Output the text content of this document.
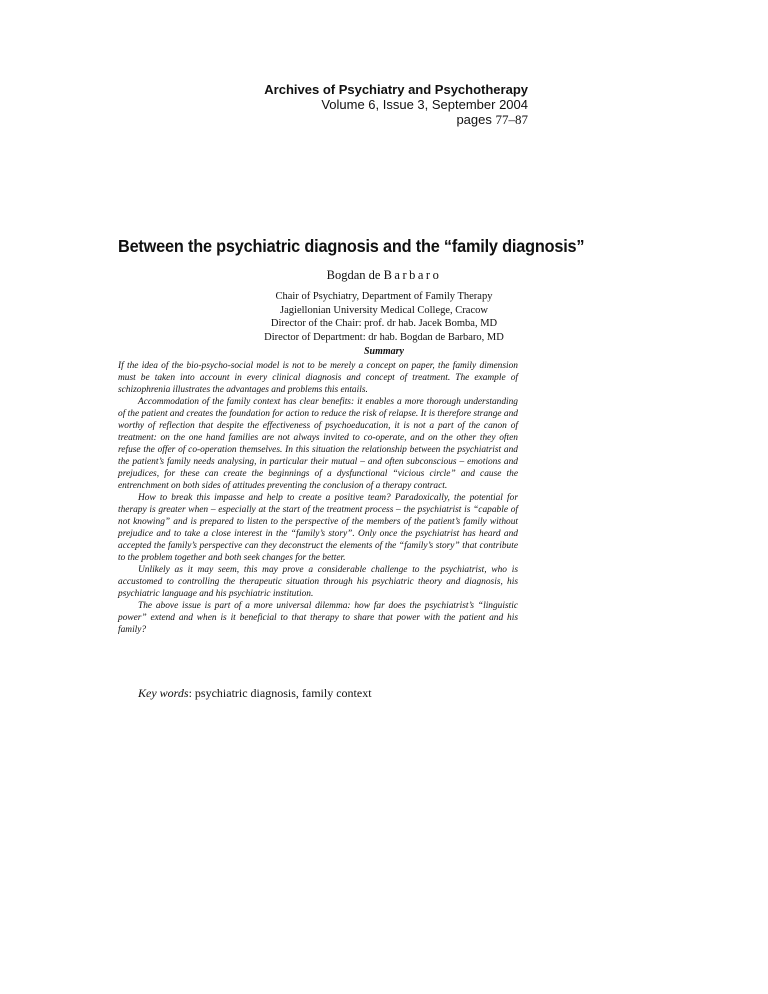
Archives of Psychiatry and Psychotherapy
Volume 6, Issue 3, September 2004
pages 77–87
Between the psychiatric diagnosis and the “family diagnosis”
Bogdan de Barbaro
Chair of Psychiatry, Department of Family Therapy
Jagiellonian University Medical College, Cracow
Director of the Chair: prof. dr hab. Jacek Bomba, MD
Director of Department: dr hab. Bogdan de Barbaro, MD
Summary

If the idea of the bio-psycho-social model is not to be merely a concept on paper, the family dimension must be taken into account in every clinical diagnosis and concept of treatment. The example of schizophrenia illustrates the advantages and problems this entails.

Accommodation of the family context has clear benefits: it enables a more thorough understanding of the patient and creates the foundation for action to reduce the risk of relapse. It is therefore strange and worthy of reflection that despite the effectiveness of psychoeducation, it is not a part of the canon of treatment: on the one hand families are not always invited to co-operate, and on the other they often refuse the offer of co-operation themselves. In this situation the relationship between the psychiatrist and the patient’s family needs analysing, in particular their mutual – and often subconscious – emotions and prejudices, for these can create the beginnings of a dysfunctional “vicious circle” and cause the entrenchment on both sides of attitudes preventing the conclusion of a therapy contract.

How to break this impasse and help to create a positive team? Paradoxically, the potential for therapy is greater when – especially at the start of the treatment process – the psychiatrist is “capable of not knowing” and is prepared to listen to the perspective of the members of the patient’s family without prejudice and to take a close interest in the “family’s story”. Only once the psychiatrist has heard and accepted the family’s perspective can they deconstruct the elements of the “family’s story” that contribute to the problem together and both seek changes for the better.

Unlikely as it may seem, this may prove a considerable challenge to the psychiatrist, who is accustomed to controlling the therapeutic situation through his psychiatric theory and diagnosis, his psychiatric language and his psychiatric institution.

The above issue is part of a more universal dilemma: how far does the psychiatrist’s “linguistic power” extend and when is it beneficial to that therapy to share that power with the patient and his family?

Key words: psychiatric diagnosis, family context
